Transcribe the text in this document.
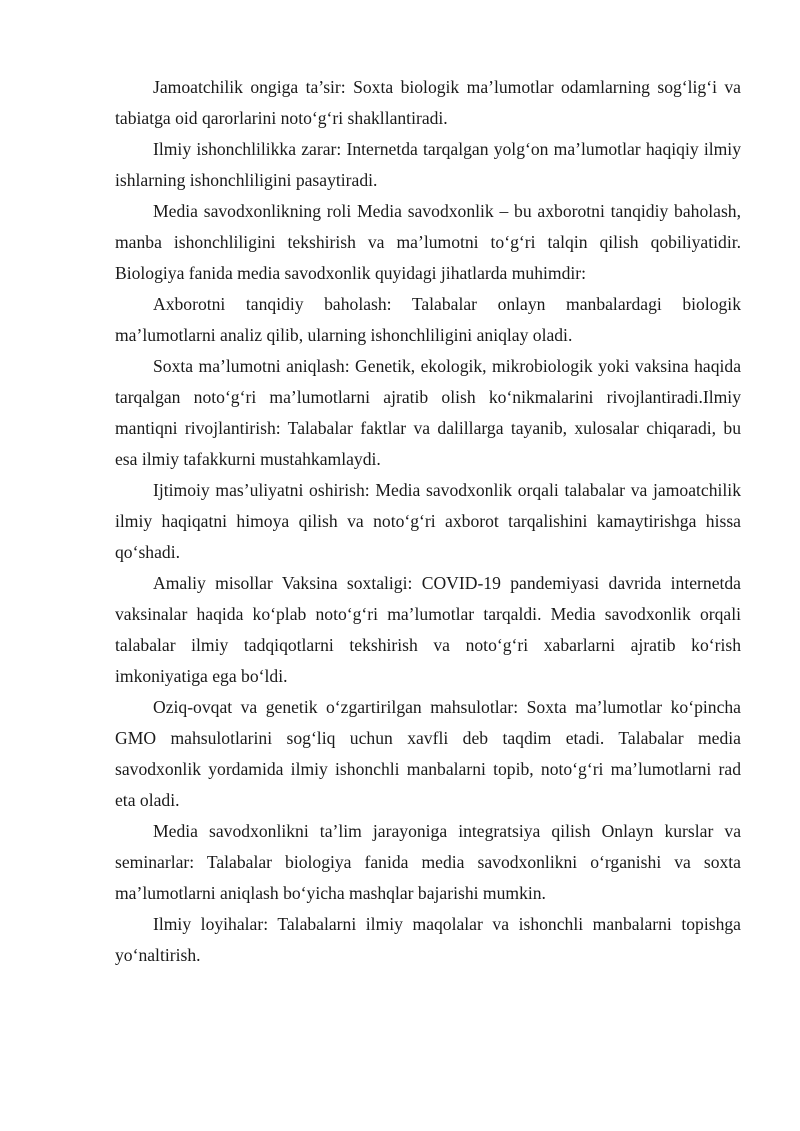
Jamoatchilik ongiga ta’sir: Soxta biologik ma’lumotlar odamlarning sog‘lig‘i va tabiatga oid qarorlarini noto‘g‘ri shakllantiradi.

Ilmiy ishonchlilikka zarar: Internetda tarqalgan yolg‘on ma’lumotlar haqiqiy ilmiy ishlarning ishonchliligini pasaytiradi.

Media savodxonlikning roli Media savodxonlik – bu axborotni tanqidiy baholash, manba ishonchliligini tekshirish va ma’lumotni to‘g‘ri talqin qilish qobiliyatidir. Biologiya fanida media savodxonlik quyidagi jihatlarda muhimdir:

Axborotni tanqidiy baholash: Talabalar onlayn manbalardagi biologik ma’lumotlarni analiz qilib, ularning ishonchliligini aniqlay oladi.

Soxta ma’lumotni aniqlash: Genetik, ekologik, mikrobiologik yoki vaksina haqida tarqalgan noto‘g‘ri ma’lumotlarni ajratib olish ko‘nikmalarini rivojlantiradi.Ilmiy mantiqni rivojlantirish: Talabalar faktlar va dalillarga tayanib, xulosalar chiqaradi, bu esa ilmiy tafakkurni mustahkamlaydi.

Ijtimoiy mas’uliyatni oshirish: Media savodxonlik orqali talabalar va jamoatchilik ilmiy haqiqatni himoya qilish va noto‘g‘ri axborot tarqalishini kamaytirishga hissa qo‘shadi.

Amaliy misollar Vaksina soxtaligi: COVID-19 pandemiyasi davrida internetda vaksinalar haqida ko‘plab noto‘g‘ri ma’lumotlar tarqaldi. Media savodxonlik orqali talabalar ilmiy tadqiqotlarni tekshirish va noto‘g‘ri xabarlarni ajratib ko‘rish imkoniyatiga ega bo‘ldi.

Oziq-ovqat va genetik o‘zgartirilgan mahsulotlar: Soxta ma’lumotlar ko‘pincha GMO mahsulotlarini sog‘liq uchun xavfli deb taqdim etadi. Talabalar media savodxonlik yordamida ilmiy ishonchli manbalarni topib, noto‘g‘ri ma’lumotlarni rad eta oladi.

Media savodxonlikni ta’lim jarayoniga integratsiya qilish Onlayn kurslar va seminarlar: Talabalar biologiya fanida media savodxonlikni o‘rganishi va soxta ma’lumotlarni aniqlash bo‘yicha mashqlar bajarishi mumkin.

Ilmiy loyihalar: Talabalarni ilmiy maqolalar va ishonchli manbalarni topishga yo‘naltirish.
